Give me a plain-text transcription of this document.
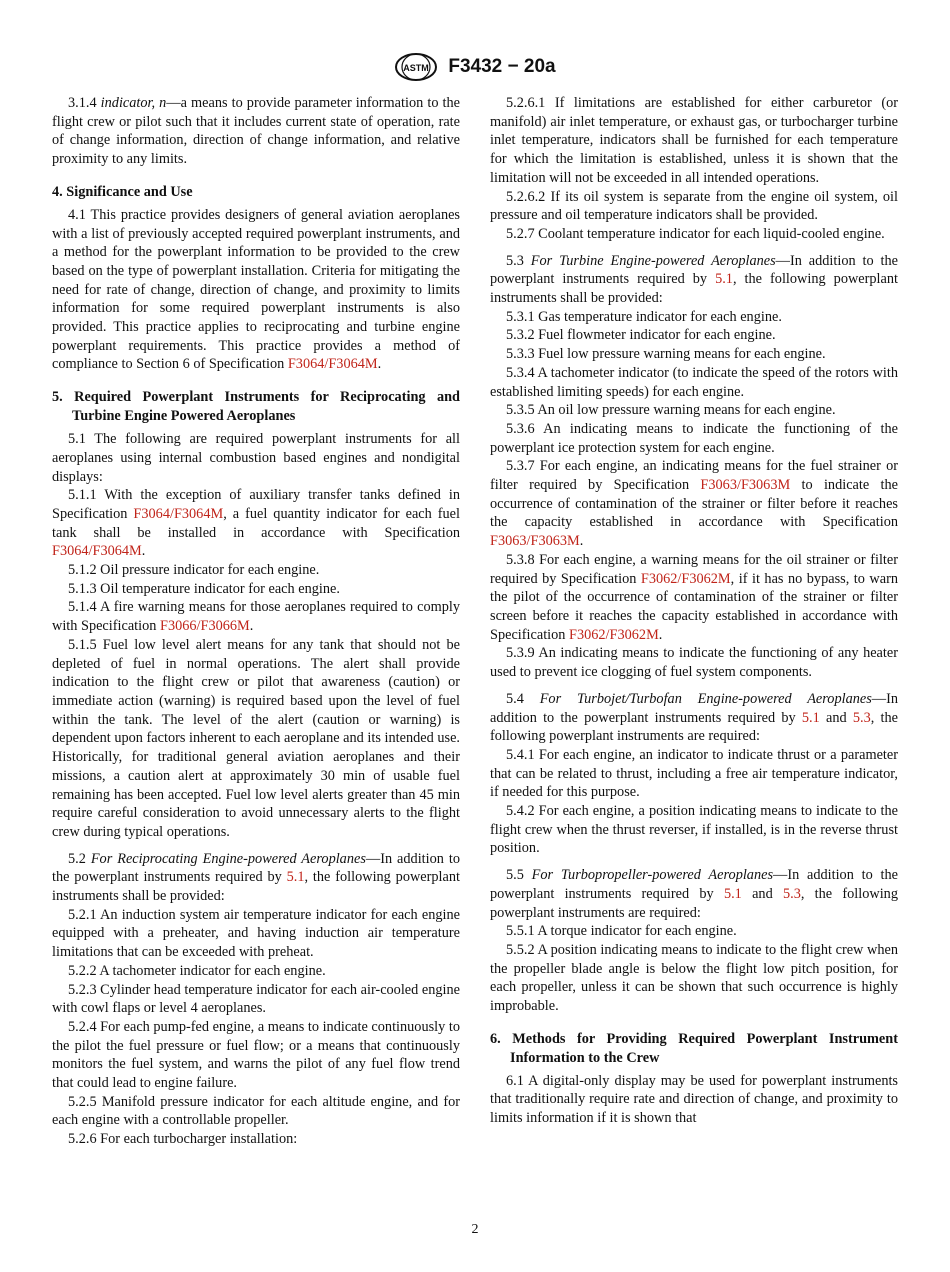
ASTM F3432 − 20a

3.1.4 indicator, n—a means to provide parameter information to the flight crew or pilot such that it includes current state of operation, rate of change information, direction of change information, and relative proximity to any limits.

4. Significance and Use

4.1 This practice provides designers of general aviation aeroplanes with a list of previously accepted required powerplant instruments, and a method for the powerplant information to be provided to the crew based on the type of powerplant installation. Criteria for mitigating the need for rate of change, direction of change, and proximity to limits information for some required powerplant instruments is also provided. This practice applies to reciprocating and turbine engine powerplant requirements. This practice provides a method of compliance to Section 6 of Specification F3064/F3064M.

5. Required Powerplant Instruments for Reciprocating and Turbine Engine Powered Aeroplanes

5.1 The following are required powerplant instruments for all aeroplanes using internal combustion based engines and nondigital displays:

5.1.1 With the exception of auxiliary transfer tanks defined in Specification F3064/F3064M, a fuel quantity indicator for each fuel tank shall be installed in accordance with Specification F3064/F3064M.

5.1.2 Oil pressure indicator for each engine.

5.1.3 Oil temperature indicator for each engine.

5.1.4 A fire warning means for those aeroplanes required to comply with Specification F3066/F3066M.

5.1.5 Fuel low level alert means for any tank that should not be depleted of fuel in normal operations. The alert shall provide indication to the flight crew or pilot that awareness (caution) or immediate action (warning) is required based upon the level of fuel within the tank. The level of the alert (caution or warning) is dependent upon factors inherent to each aeroplane and its intended use. Historically, for traditional general aviation aeroplanes and their missions, a caution alert at approximately 30 min of usable fuel remaining has been accepted. Fuel low level alerts greater than 45 min require careful consideration to avoid unnecessary alerts to the flight crew during typical operations.

5.2 For Reciprocating Engine-powered Aeroplanes—In addition to the powerplant instruments required by 5.1, the following powerplant instruments shall be provided:

5.2.1 An induction system air temperature indicator for each engine equipped with a preheater, and having induction air temperature limitations that can be exceeded with preheat.

5.2.2 A tachometer indicator for each engine.

5.2.3 Cylinder head temperature indicator for each air-cooled engine with cowl flaps or level 4 aeroplanes.

5.2.4 For each pump-fed engine, a means to indicate continuously to the pilot the fuel pressure or fuel flow; or a means that continuously monitors the fuel system, and warns the pilot of any fuel flow trend that could lead to engine failure.

5.2.5 Manifold pressure indicator for each altitude engine, and for each engine with a controllable propeller.

5.2.6 For each turbocharger installation:

5.2.6.1 If limitations are established for either carburetor (or manifold) air inlet temperature, or exhaust gas, or turbocharger turbine inlet temperature, indicators shall be furnished for each temperature for which the limitation is established, unless it is shown that the limitation will not be exceeded in all intended operations.

5.2.6.2 If its oil system is separate from the engine oil system, oil pressure and oil temperature indicators shall be provided.

5.2.7 Coolant temperature indicator for each liquid-cooled engine.

5.3 For Turbine Engine-powered Aeroplanes—In addition to the powerplant instruments required by 5.1, the following powerplant instruments shall be provided:

5.3.1 Gas temperature indicator for each engine.

5.3.2 Fuel flowmeter indicator for each engine.

5.3.3 Fuel low pressure warning means for each engine.

5.3.4 A tachometer indicator (to indicate the speed of the rotors with established limiting speeds) for each engine.

5.3.5 An oil low pressure warning means for each engine.

5.3.6 An indicating means to indicate the functioning of the powerplant ice protection system for each engine.

5.3.7 For each engine, an indicating means for the fuel strainer or filter required by Specification F3063/F3063M to indicate the occurrence of contamination of the strainer or filter before it reaches the capacity established in accordance with Specification F3063/F3063M.

5.3.8 For each engine, a warning means for the oil strainer or filter required by Specification F3062/F3062M, if it has no bypass, to warn the pilot of the occurrence of contamination of the strainer or filter screen before it reaches the capacity established in accordance with Specification F3062/F3062M.

5.3.9 An indicating means to indicate the functioning of any heater used to prevent ice clogging of fuel system components.

5.4 For Turbojet/Turbofan Engine-powered Aeroplanes—In addition to the powerplant instruments required by 5.1 and 5.3, the following powerplant instruments are required:

5.4.1 For each engine, an indicator to indicate thrust or a parameter that can be related to thrust, including a free air temperature indicator, if needed for this purpose.

5.4.2 For each engine, a position indicating means to indicate to the flight crew when the thrust reverser, if installed, is in the reverse thrust position.

5.5 For Turbopropeller-powered Aeroplanes—In addition to the powerplant instruments required by 5.1 and 5.3, the following powerplant instruments are required:

5.5.1 A torque indicator for each engine.

5.5.2 A position indicating means to indicate to the flight crew when the propeller blade angle is below the flight low pitch position, for each propeller, unless it can be shown that such occurrence is highly improbable.

6. Methods for Providing Required Powerplant Instrument Information to the Crew

6.1 A digital-only display may be used for powerplant instruments that traditionally require rate and direction of change, and proximity to limits information if it is shown that

2
